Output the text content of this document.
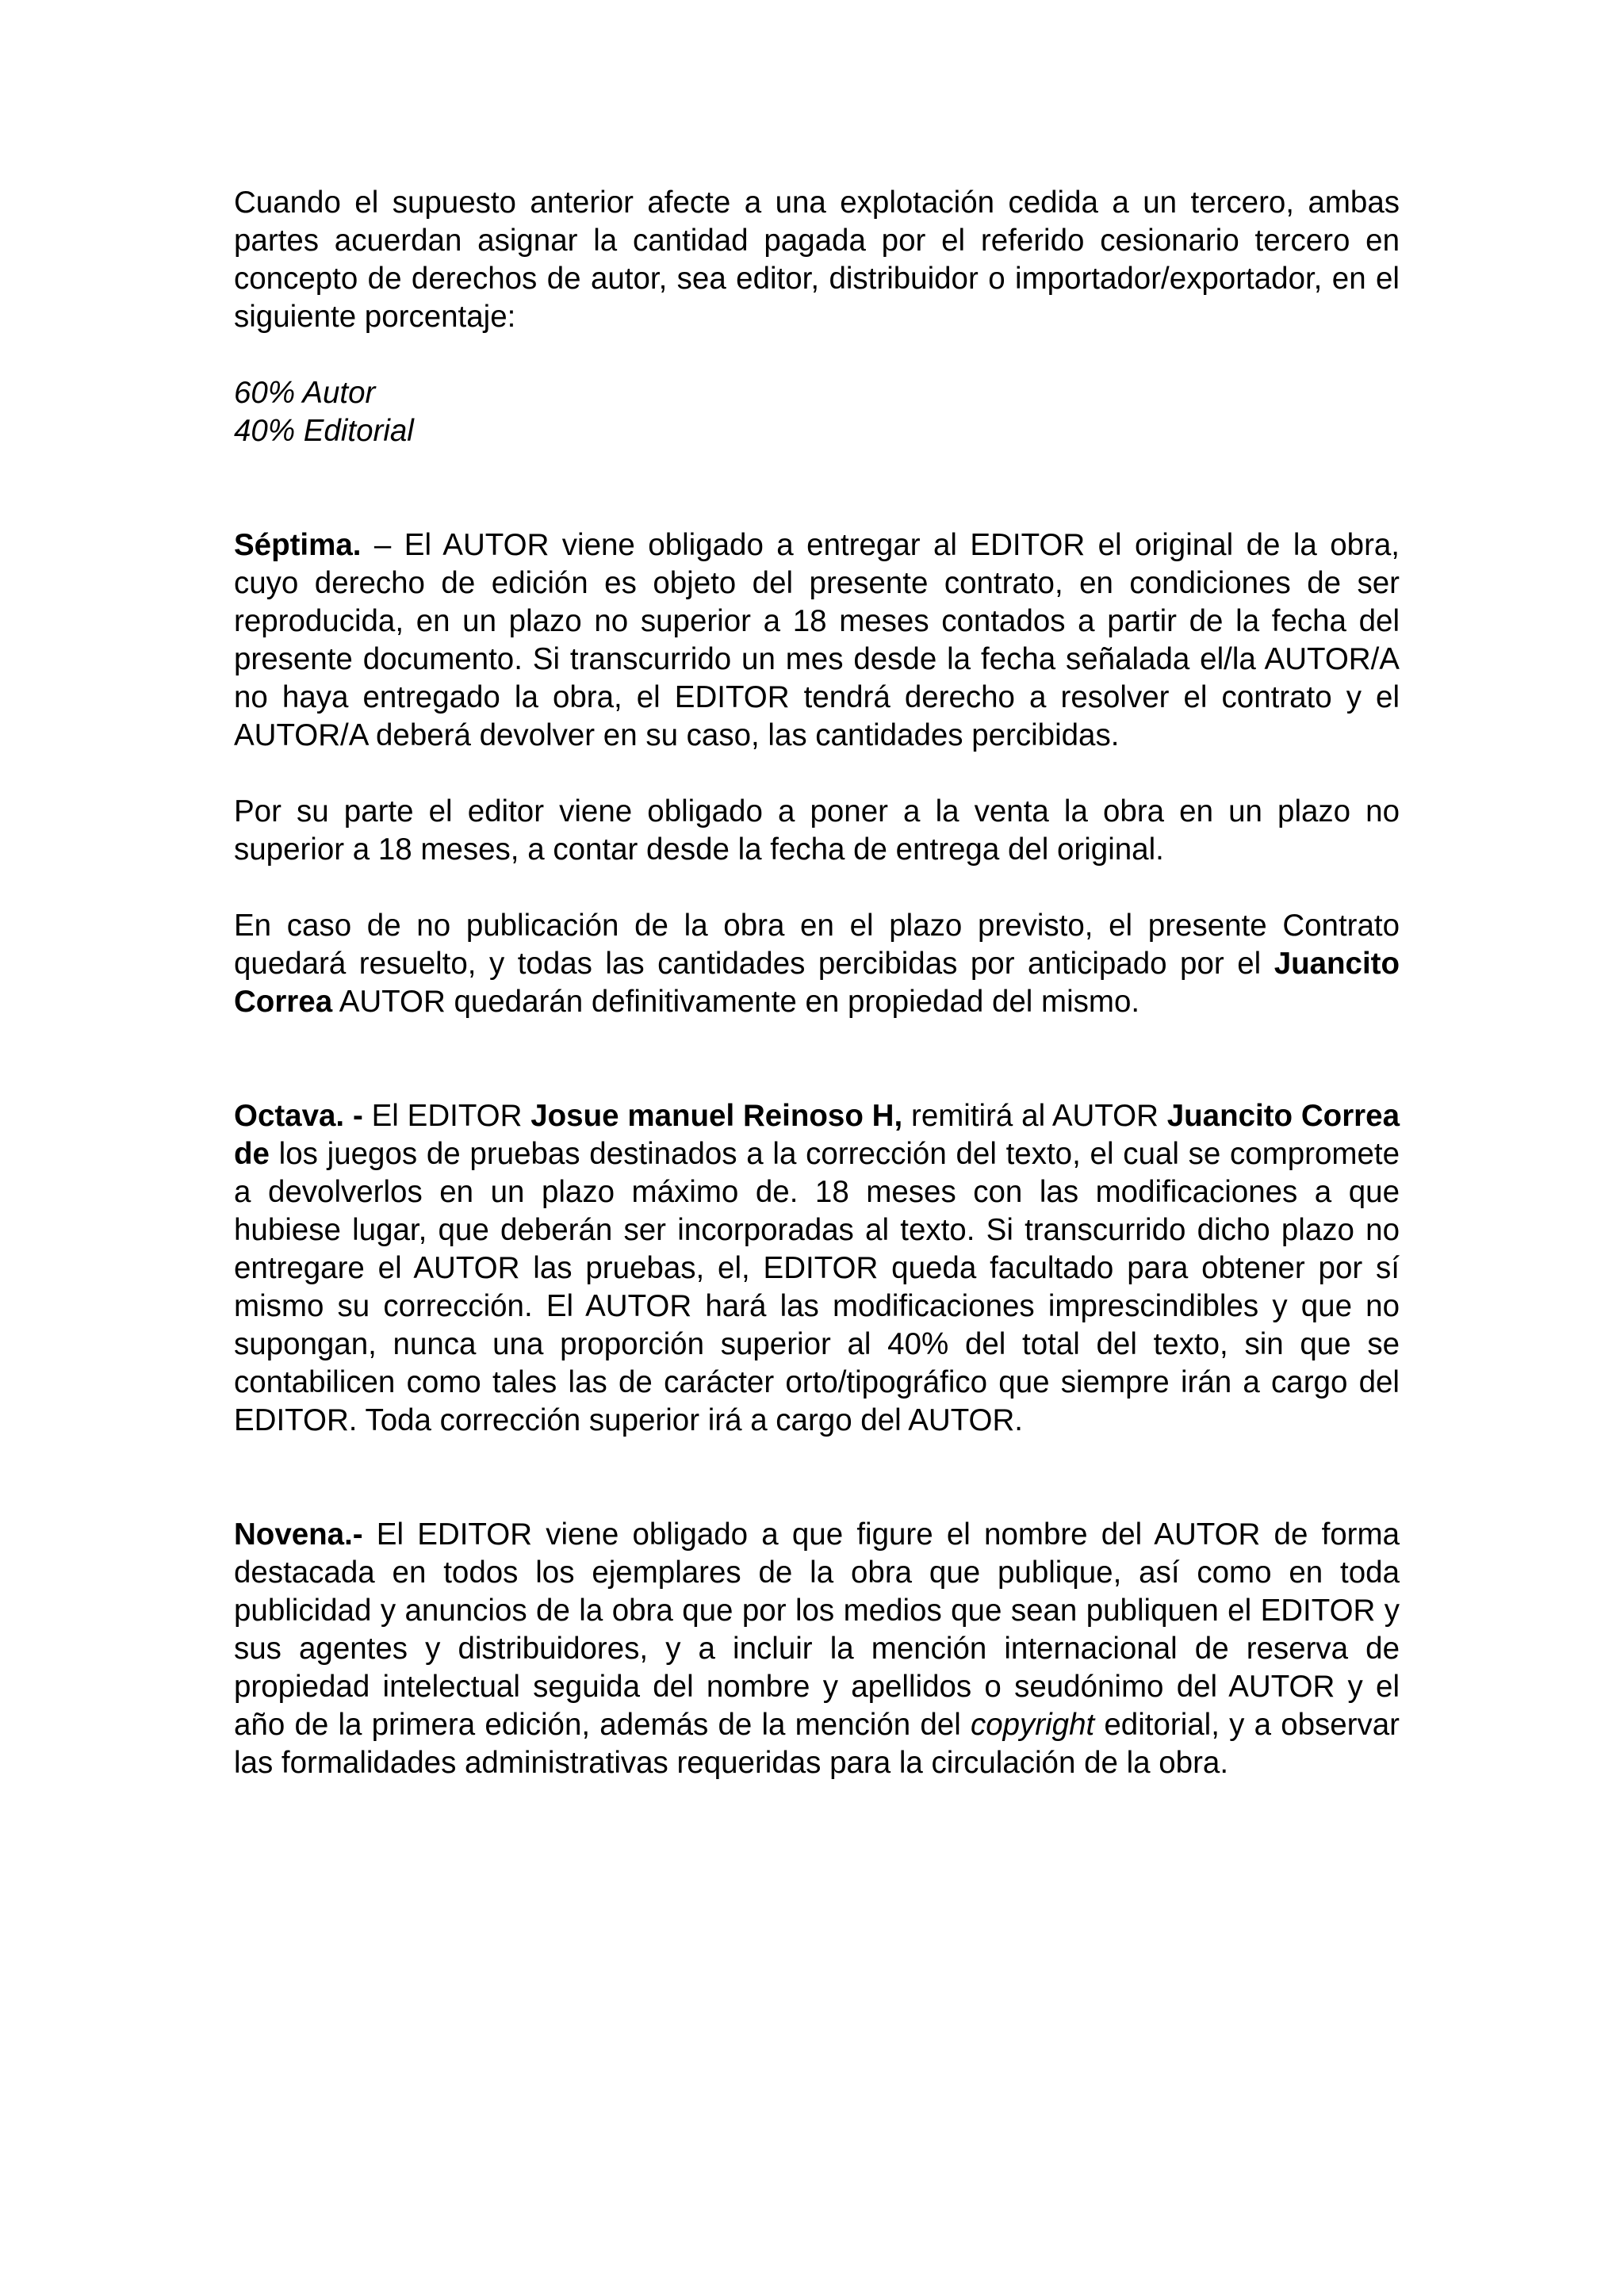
Cuando el supuesto anterior afecte a una explotación cedida a un tercero, ambas partes acuerdan asignar la cantidad pagada por el referido cesionario tercero en concepto de derechos de autor, sea editor, distribuidor o importador/exportador, en el siguiente porcentaje:

60% Autor
40% Editorial

Séptima. – El AUTOR viene obligado a entregar al EDITOR el original de la obra, cuyo derecho de edición es objeto del presente contrato, en condiciones de ser reproducida, en un plazo no superior a 18 meses contados a partir de la fecha del presente documento. Si transcurrido un mes desde la fecha señalada el/la AUTOR/A no haya entregado la obra, el EDITOR tendrá derecho a resolver el contrato y el AUTOR/A deberá devolver en su caso, las cantidades percibidas.

Por su parte el editor viene obligado a poner a la venta la obra en un plazo no superior a 18 meses, a contar desde la fecha de entrega del original.

En caso de no publicación de la obra en el plazo previsto, el presente Contrato quedará resuelto, y todas las cantidades percibidas por anticipado por el Juancito Correa AUTOR quedarán definitivamente en propiedad del mismo.

Octava. - El EDITOR Josue manuel Reinoso H, remitirá al AUTOR Juancito Correa de los juegos de pruebas destinados a la corrección del texto, el cual se compromete a devolverlos en un plazo máximo de. 18 meses con las modificaciones a que hubiese lugar, que deberán ser incorporadas al texto. Si transcurrido dicho plazo no entregare el AUTOR las pruebas, el, EDITOR queda facultado para obtener por sí mismo su corrección. El AUTOR hará las modificaciones imprescindibles y que no supongan, nunca una proporción superior al 40% del total del texto, sin que se contabilicen como tales las de carácter orto/tipográfico que siempre irán a cargo del EDITOR. Toda corrección superior irá a cargo del AUTOR.

Novena.- El EDITOR viene obligado a que figure el nombre del AUTOR de forma destacada en todos los ejemplares de la obra que publique, así como en toda publicidad y anuncios de la obra que por los medios que sean publiquen el EDITOR y sus agentes y distribuidores, y a incluir la mención internacional de reserva de propiedad intelectual seguida del nombre y apellidos o seudónimo del AUTOR y el año de la primera edición, además de la mención del copyright editorial, y a observar las formalidades administrativas requeridas para la circulación de la obra.
